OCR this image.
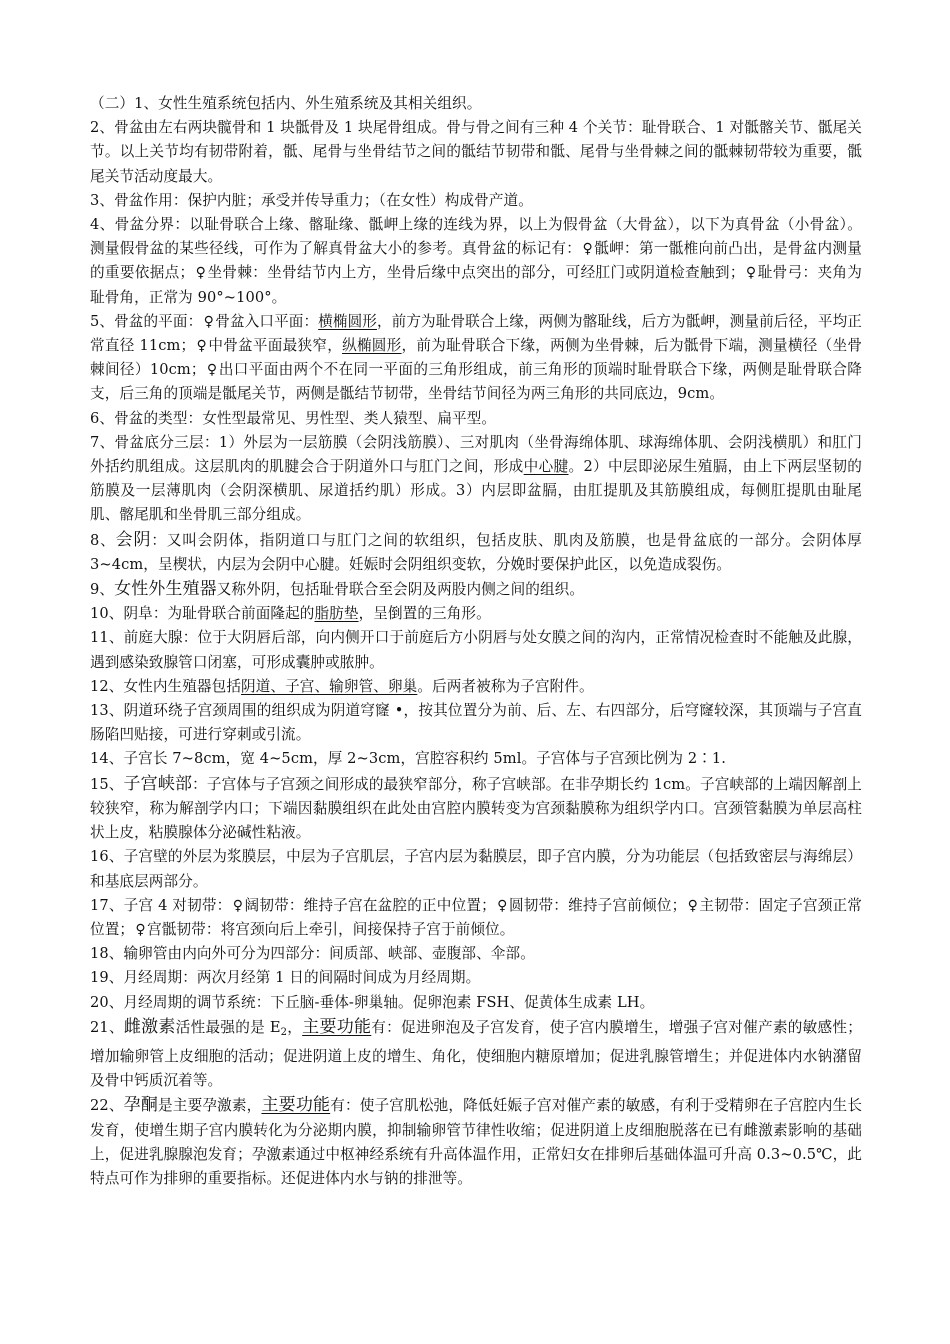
（二）1、女性生殖系统包括内、外生殖系统及其相关组织。

2、骨盆由左右两块髋骨和 1 块骶骨及 1 块尾骨组成。骨与骨之间有三种 4 个关节：耻骨联合、1 对骶髂关节、骶尾关节。以上关节均有韧带附着，骶、尾骨与坐骨结节之间的骶结节韧带和骶、尾骨与坐骨棘之间的骶棘韧带较为重要，骶尾关节活动度最大。

3、骨盆作用：保护内脏；承受并传导重力；（在女性）构成骨产道。

4、骨盆分界：以耻骨联合上缘、髂耻缘、骶岬上缘的连线为界，以上为假骨盆（大骨盆），以下为真骨盆（小骨盆）。测量假骨盆的某些径线，可作为了解真骨盆大小的参考。真骨盆的标记有：♀骶岬：第一骶椎向前凸出，是骨盆内测量的重要依据点；♀坐骨棘：坐骨结节内上方，坐骨后缘中点突出的部分，可经肛门或阴道检查触到；♀耻骨弓：夹角为耻骨角，正常为 90°~100°。

5、骨盆的平面：♀骨盆入口平面：横椭圆形，前方为耻骨联合上缘，两侧为髂耻线，后方为骶岬，测量前后径，平均正常直径 11cm；♀中骨盆平面最狭窄，纵椭圆形，前为耻骨联合下缘，两侧为坐骨棘，后为骶骨下端，测量横径（坐骨棘间径）10cm；♀出口平面由两个不在同一平面的三角形组成，前三角形的顶端时耻骨联合下缘，两侧是耻骨联合降支，后三角的顶端是骶尾关节，两侧是骶结节韧带，坐骨结节间径为两三角形的共同底边，9cm。

6、骨盆的类型：女性型最常见、男性型、类人猿型、扁平型。

7、骨盆底分三层：1）外层为一层筋膜（会阴浅筋膜）、三对肌肉（坐骨海绵体肌、球海绵体肌、会阴浅横肌）和肛门外括约肌组成。这层肌肉的肌腱会合于阴道外口与肛门之间，形成中心腱。2）中层即泌尿生殖膈，由上下两层坚韧的筋膜及一层薄肌肉（会阴深横肌、尿道括约肌）形成。3）内层即盆膈，由肛提肌及其筋膜组成，每侧肛提肌由耻尾肌、髂尾肌和坐骨肌三部分组成。

8、会阴：又叫会阴体，指阴道口与肛门之间的软组织，包括皮肤、肌肉及筋膜，也是骨盆底的一部分。会阴体厚 3~4cm，呈楔状，内层为会阴中心腱。妊娠时会阴组织变软，分娩时要保护此区，以免造成裂伤。

9、女性外生殖器又称外阴，包括耻骨联合至会阴及两股内侧之间的组织。

10、阴阜：为耻骨联合前面隆起的脂肪垫，呈倒置的三角形。

11、前庭大腺：位于大阴唇后部，向内侧开口于前庭后方小阴唇与处女膜之间的沟内，正常情况检查时不能触及此腺，遇到感染致腺管口闭塞，可形成囊肿或脓肿。

12、女性内生殖器包括阴道、子宫、输卵管、卵巢。后两者被称为子宫附件。

13、阴道环绕子宫颈周围的组织成为阴道穹窿 •，按其位置分为前、后、左、右四部分，后穹窿较深，其顶端与子宫直肠陷凹贴接，可进行穿刺或引流。

14、子宫长 7~8cm，宽 4~5cm，厚 2~3cm，宫腔容积约 5ml。子宫体与子宫颈比例为 2∶1.

15、子宫峡部：子宫体与子宫颈之间形成的最狭窄部分，称子宫峡部。在非孕期长约 1cm。子宫峡部的上端因解剖上较狭窄，称为解剖学内口；下端因黏膜组织在此处由宫腔内膜转变为宫颈黏膜称为组织学内口。宫颈管黏膜为单层高柱状上皮，粘膜腺体分泌碱性粘液。

16、子宫壁的外层为浆膜层，中层为子宫肌层，子宫内层为黏膜层，即子宫内膜，分为功能层（包括致密层与海绵层）和基底层两部分。

17、子宫 4 对韧带：♀阔韧带：维持子宫在盆腔的正中位置；♀圆韧带：维持子宫前倾位；♀主韧带：固定子宫颈正常位置；♀宫骶韧带：将宫颈向后上牵引，间接保持子宫于前倾位。

18、输卵管由内向外可分为四部分：间质部、峡部、壶腹部、伞部。

19、月经周期：两次月经第 1 日的间隔时间成为月经周期。

20、月经周期的调节系统：下丘脑-垂体-卵巢轴。促卵泡素 FSH、促黄体生成素 LH。

21、雌激素活性最强的是 $E_2$，主要功能有：促进卵泡及子宫发育，使子宫内膜增生，增强子宫对催产素的敏感性；增加输卵管上皮细胞的活动；促进阴道上皮的增生、角化，使细胞内糖原增加；促进乳腺管增生；并促进体内水钠潴留及骨中钙质沉着等。

22、孕酮是主要孕激素，主要功能有：使子宫肌松弛，降低妊娠子宫对催产素的敏感，有利于受精卵在子宫腔内生长发育，使增生期子宫内膜转化为分泌期内膜，抑制输卵管节律性收缩；促进阴道上皮细胞脱落在已有雌激素影响的基础上，促进乳腺腺泡发育；孕激素通过中枢神经系统有升高体温作用，正常妇女在排卵后基础体温可升高 0.3~0.5℃，此特点可作为排卵的重要指标。还促进体内水与钠的排泄等。
